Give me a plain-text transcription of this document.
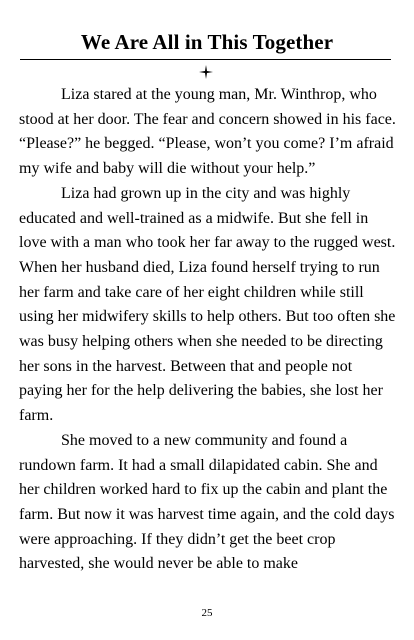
We Are All in This Together

Liza stared at the young man, Mr. Winthrop, who stood at her door. The fear and concern showed in his face. “Please?” he begged. “Please, won’t you come? I’m afraid my wife and baby will die without your help.”

Liza had grown up in the city and was highly educated and well-trained as a midwife. But she fell in love with a man who took her far away to the rugged west. When her husband died, Liza found herself trying to run her farm and take care of her eight children while still using her midwifery skills to help others. But too often she was busy helping others when she needed to be directing her sons in the harvest. Between that and people not paying her for the help delivering the babies, she lost her farm.

She moved to a new community and found a rundown farm. It had a small dilapidated cabin. She and her children worked hard to fix up the cabin and plant the farm. But now it was harvest time again, and the cold days were approaching. If they didn’t get the beet crop harvested, she would never be able to make

25
